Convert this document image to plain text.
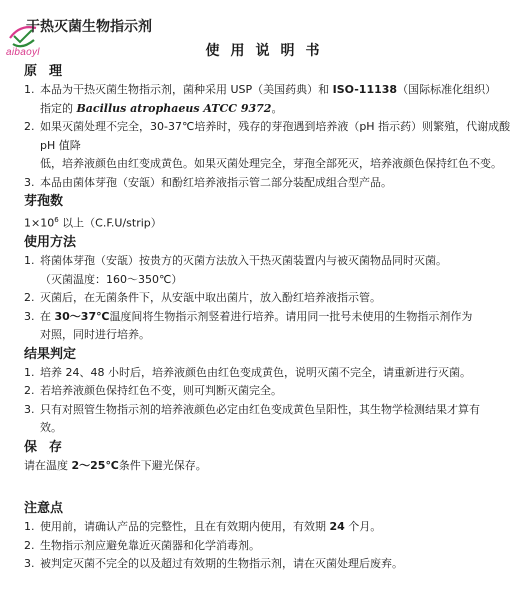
aibaoyl
干热灭菌生物指示剂
使用说明书
原理
1. 本品为干热灭菌生物指示剂，菌种采用 USP（美国药典）和 ISO-11138（国际标准化组织）
指定的 Bacillus atrophaeus ATCC 9372。
2. 如果灭菌处理不完全，30-37℃培养时，残存的芽孢遇到培养液（pH 指示药）则繁殖，代谢成酸 pH 值降
低，培养液颜色由红变成黄色。如果灭菌处理完全，芽孢全部死灭，培养液颜色保持红色不变。
3. 本品由菌体芽孢（安瓿）和酚红培养液指示管二部分装配成组合型产品。
芽孢数
$1\times 10^6$ 以上（C.F.U/strip）
使用方法
1. 将菌体芽孢（安瓿）按贵方的灭菌方法放入干热灭菌装置内与被灭菌物品同时灭菌。
（灭菌温度：160～350℃）
2. 灭菌后，在无菌条件下，从安瓿中取出菌片，放入酚红培养液指示管。
3. 在 30～37℃温度间将生物指示剂竖着进行培养。请用同一批号未使用的生物指示剂作为
对照，同时进行培养。
结果判定
1. 培养 24、48 小时后，培养液颜色由红色变成黄色，说明灭菌不完全，请重新进行灭菌。
2. 若培养液颜色保持红色不变，则可判断灭菌完全。
3. 只有对照管生物指示剂的培养液颜色必定由红色变成黄色呈阳性，其生物学检测结果才算有
效。
保存
请在温度 2～25℃条件下避光保存。
注意点
1. 使用前，请确认产品的完整性，且在有效期内使用，有效期 24 个月。
2. 生物指示剂应避免靠近灭菌器和化学消毒剂。
3. 被判定灭菌不完全的以及超过有效期的生物指示剂，请在灭菌处理后废弃。
